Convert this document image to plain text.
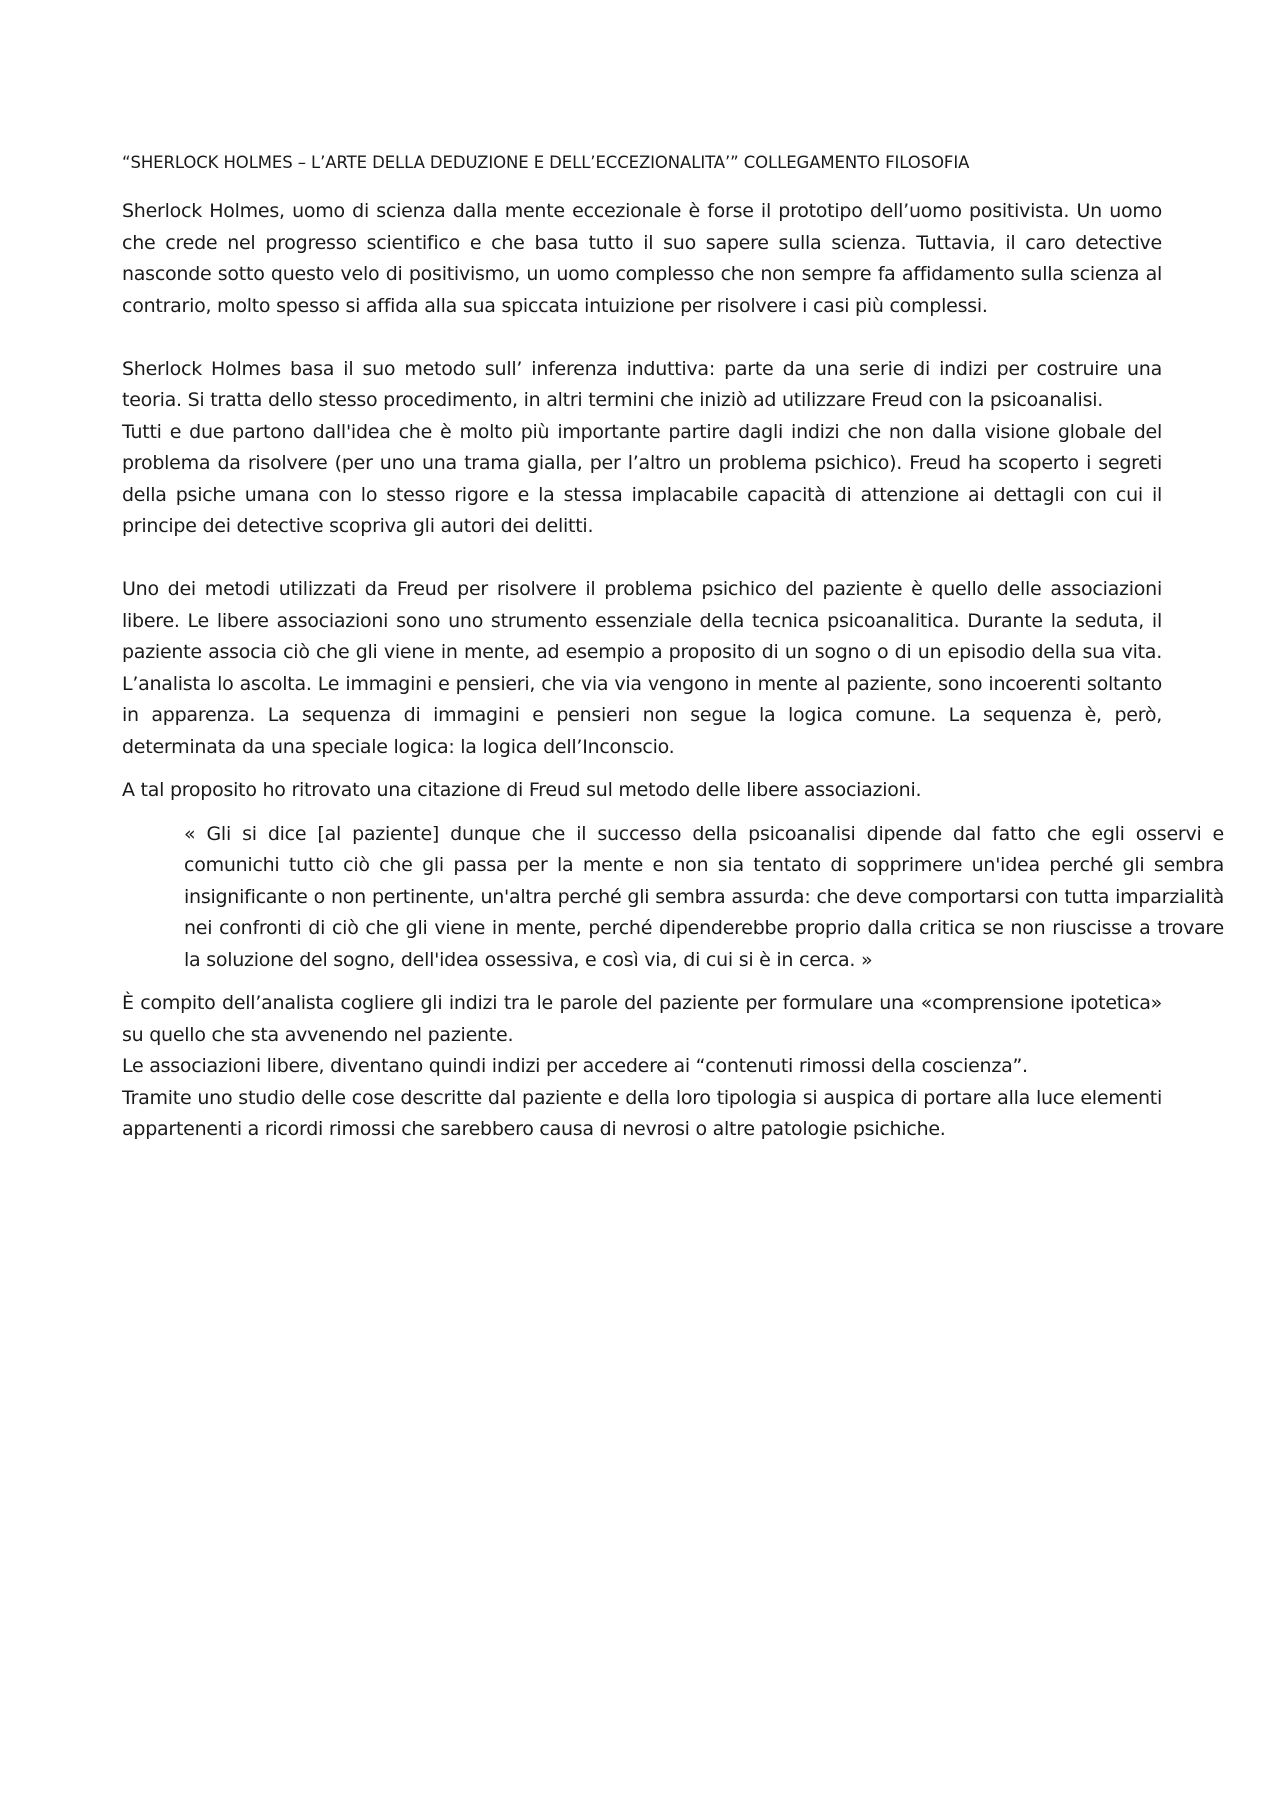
“SHERLOCK HOLMES – L’ARTE DELLA DEDUZIONE E DELL’ECCEZIONALITA’” COLLEGAMENTO FILOSOFIA

Sherlock Holmes, uomo di scienza dalla mente eccezionale è forse il prototipo dell’uomo positivista. Un uomo che crede nel progresso scientifico e che basa tutto il suo sapere sulla scienza. Tuttavia, il caro detective nasconde sotto questo velo di positivismo, un uomo complesso che non sempre fa affidamento sulla scienza al contrario, molto spesso si affida alla sua spiccata intuizione per risolvere i casi più complessi.

Sherlock Holmes basa il suo metodo sull’ inferenza induttiva: parte da una serie di indizi per costruire una teoria. Si tratta dello stesso procedimento, in altri termini che iniziò ad utilizzare Freud con la psicoanalisi.

Tutti e due partono dall'idea che è molto più importante partire dagli indizi che non dalla visione globale del problema da risolvere (per uno una trama gialla, per l’altro un problema psichico). Freud ha scoperto i segreti della psiche umana con lo stesso rigore e la stessa implacabile capacità di attenzione ai dettagli con cui il principe dei detective scopriva gli autori dei delitti.

Uno dei metodi utilizzati da Freud per risolvere il problema psichico del paziente è quello delle associazioni libere. Le libere associazioni sono uno strumento essenziale della tecnica psicoanalitica. Durante la seduta, il paziente associa ciò che gli viene in mente, ad esempio a proposito di un sogno o di un episodio della sua vita. L’analista lo ascolta. Le immagini e pensieri, che via via vengono in mente al paziente, sono incoerenti soltanto in apparenza. La sequenza di immagini e pensieri non segue la logica comune. La sequenza è, però, determinata da una speciale logica: la logica dell’Inconscio.

A tal proposito ho ritrovato una citazione di Freud sul metodo delle libere associazioni.

« Gli si dice [al paziente] dunque che il successo della psicoanalisi dipende dal fatto che egli osservi e comunichi tutto ciò che gli passa per la mente e non sia tentato di sopprimere un'idea perché gli sembra insignificante o non pertinente, un'altra perché gli sembra assurda: che deve comportarsi con tutta imparzialità nei confronti di ciò che gli viene in mente, perché dipenderebbe proprio dalla critica se non riuscisse a trovare la soluzione del sogno, dell'idea ossessiva, e così via, di cui si è in cerca. »

È compito dell’analista cogliere gli indizi tra le parole del paziente per formulare una «comprensione ipotetica» su quello che sta avvenendo nel paziente.

Le associazioni libere, diventano quindi indizi per accedere ai “contenuti rimossi della coscienza”.

Tramite uno studio delle cose descritte dal paziente e della loro tipologia si auspica di portare alla luce elementi appartenenti a ricordi rimossi che sarebbero causa di nevrosi o altre patologie psichiche.
